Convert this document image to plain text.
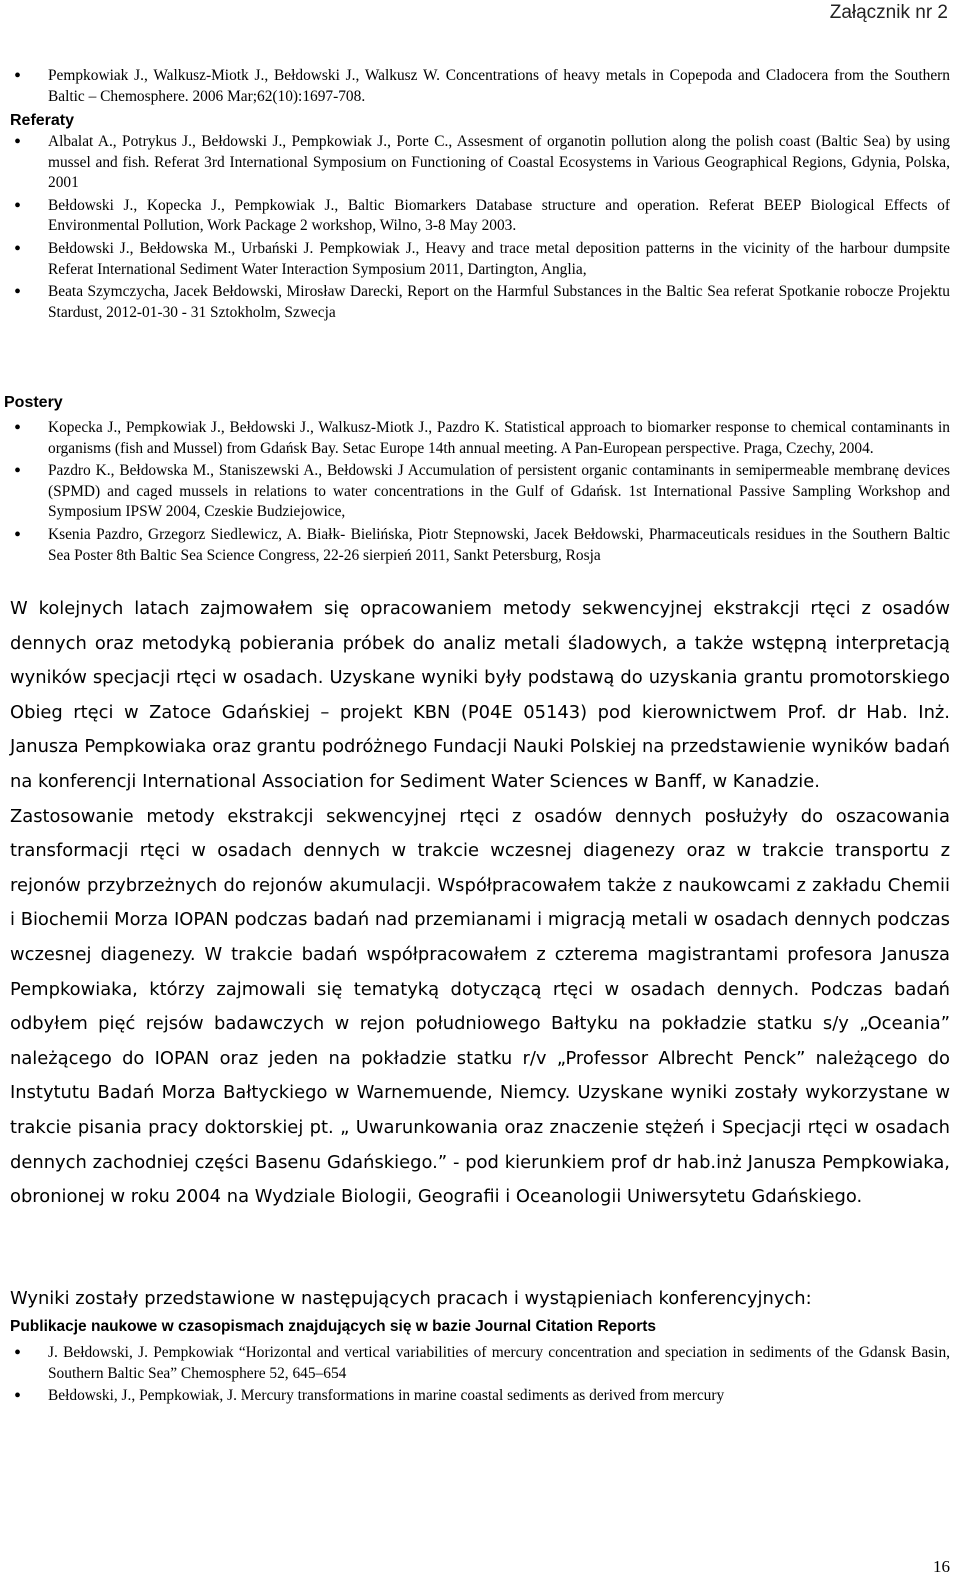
Załącznik nr 2
• Pempkowiak J., Walkusz-Miotk J., Bełdowski J., Walkusz W. Concentrations of heavy metals in Copepoda and Cladocera from the Southern Baltic – Chemosphere. 2006 Mar;62(10):1697-708.

Referaty

• Albalat A., Potrykus J., Bełdowski J., Pempkowiak J., Porte C., Assesment of organotin pollution along the polish coast (Baltic Sea) by using mussel and fish. Referat 3rd International Symposium on Functioning of Coastal Ecosystems in Various Geographical Regions, Gdynia, Polska, 2001
• Bełdowski J., Kopecka J., Pempkowiak J., Baltic Biomarkers Database structure and operation. Referat BEEP Biological Effects of Environmental Pollution, Work Package 2 workshop, Wilno, 3-8 May 2003.
• Bełdowski J., Bełdowska M., Urbański J. Pempkowiak J., Heavy and trace metal deposition patterns in the vicinity of the harbour dumpsite Referat International Sediment Water Interaction Symposium 2011, Dartington, Anglia,
• Beata Szymczycha, Jacek Bełdowski, Mirosław Darecki, Report on the Harmful Substances in the Baltic Sea referat Spotkanie robocze Projektu Stardust, 2012-01-30 - 31 Sztokholm, Szwecja

Postery

• Kopecka J., Pempkowiak J., Bełdowski J., Walkusz-Miotk J., Pazdro K. Statistical approach to biomarker response to chemical contaminants in organisms (fish and Mussel) from Gdańsk Bay. Setac Europe 14th annual meeting. A Pan-European perspective. Praga, Czechy, 2004.
• Pazdro K., Bełdowska M., Staniszewski A., Bełdowski J Accumulation of persistent organic contaminants in semipermeable membranę devices (SPMD) and caged mussels in relations to water concentrations in the Gulf of Gdańsk. 1st International Passive Sampling Workshop and Symposium IPSW 2004, Czeskie Budziejowice,
• Ksenia Pazdro, Grzegorz Siedlewicz, A. Białk- Bielińska, Piotr Stepnowski, Jacek Bełdowski, Pharmaceuticals residues in the Southern Baltic Sea Poster 8th Baltic Sea Science Congress, 22-26 sierpień 2011, Sankt Petersburg, Rosja

W kolejnych latach zajmowałem się opracowaniem metody sekwencyjnej ekstrakcji rtęci z osadów dennych oraz metodyką pobierania próbek do analiz metali śladowych, a także wstępną interpretacją wyników specjacji rtęci w osadach. Uzyskane wyniki były podstawą do uzyskania grantu promotorskiego Obieg rtęci w Zatoce Gdańskiej – projekt KBN (P04E 05143) pod kierownictwem Prof. dr Hab. Inż. Janusza Pempkowiaka oraz grantu podróżnego Fundacji Nauki Polskiej na przedstawienie wyników badań na konferencji International Association for Sediment Water Sciences w Banff, w Kanadzie.

Zastosowanie metody ekstrakcji sekwencyjnej rtęci z osadów dennych posłużyły do oszacowania transformacji rtęci w osadach dennych w trakcie wczesnej diagenezy oraz w trakcie transportu z rejonów przybrzeżnych do rejonów akumulacji. Współpracowałem także z naukowcami z zakładu Chemii i Biochemii Morza IOPAN podczas badań nad przemianami i migracją metali w osadach dennych podczas wczesnej diagenezy. W trakcie badań współpracowałem z czterema magistrantami profesora Janusza Pempkowiaka, którzy zajmowali się tematyką dotyczącą rtęci w osadach dennych. Podczas badań odbyłem pięć rejsów badawczych w rejon południowego Bałtyku na pokładzie statku s/y „Oceania” należącego do IOPAN oraz jeden na pokładzie statku r/v „Professor Albrecht Penck” należącego do Instytutu Badań Morza Bałtyckiego w Warnemuende, Niemcy. Uzyskane wyniki zostały wykorzystane w trakcie pisania pracy doktorskiej pt. „ Uwarunkowania oraz znaczenie stężeń i Specjacji rtęci w osadach dennych zachodniej części Basenu Gdańskiego.” - pod kierunkiem prof dr hab.inż Janusza Pempkowiaka, obronionej w roku 2004 na Wydziale Biologii, Geografii i Oceanologii Uniwersytetu Gdańskiego.

Wyniki zostały przedstawione w następujących pracach i wystąpieniach konferencyjnych:

Publikacje naukowe w czasopismach znajdujących się w bazie Journal Citation Reports

• J. Bełdowski, J. Pempkowiak “Horizontal and vertical variabilities of mercury concentration and speciation in sediments of the Gdansk Basin, Southern Baltic Sea” Chemosphere 52, 645–654
• Bełdowski, J., Pempkowiak, J. Mercury transformations in marine coastal sediments as derived from mercury
16
